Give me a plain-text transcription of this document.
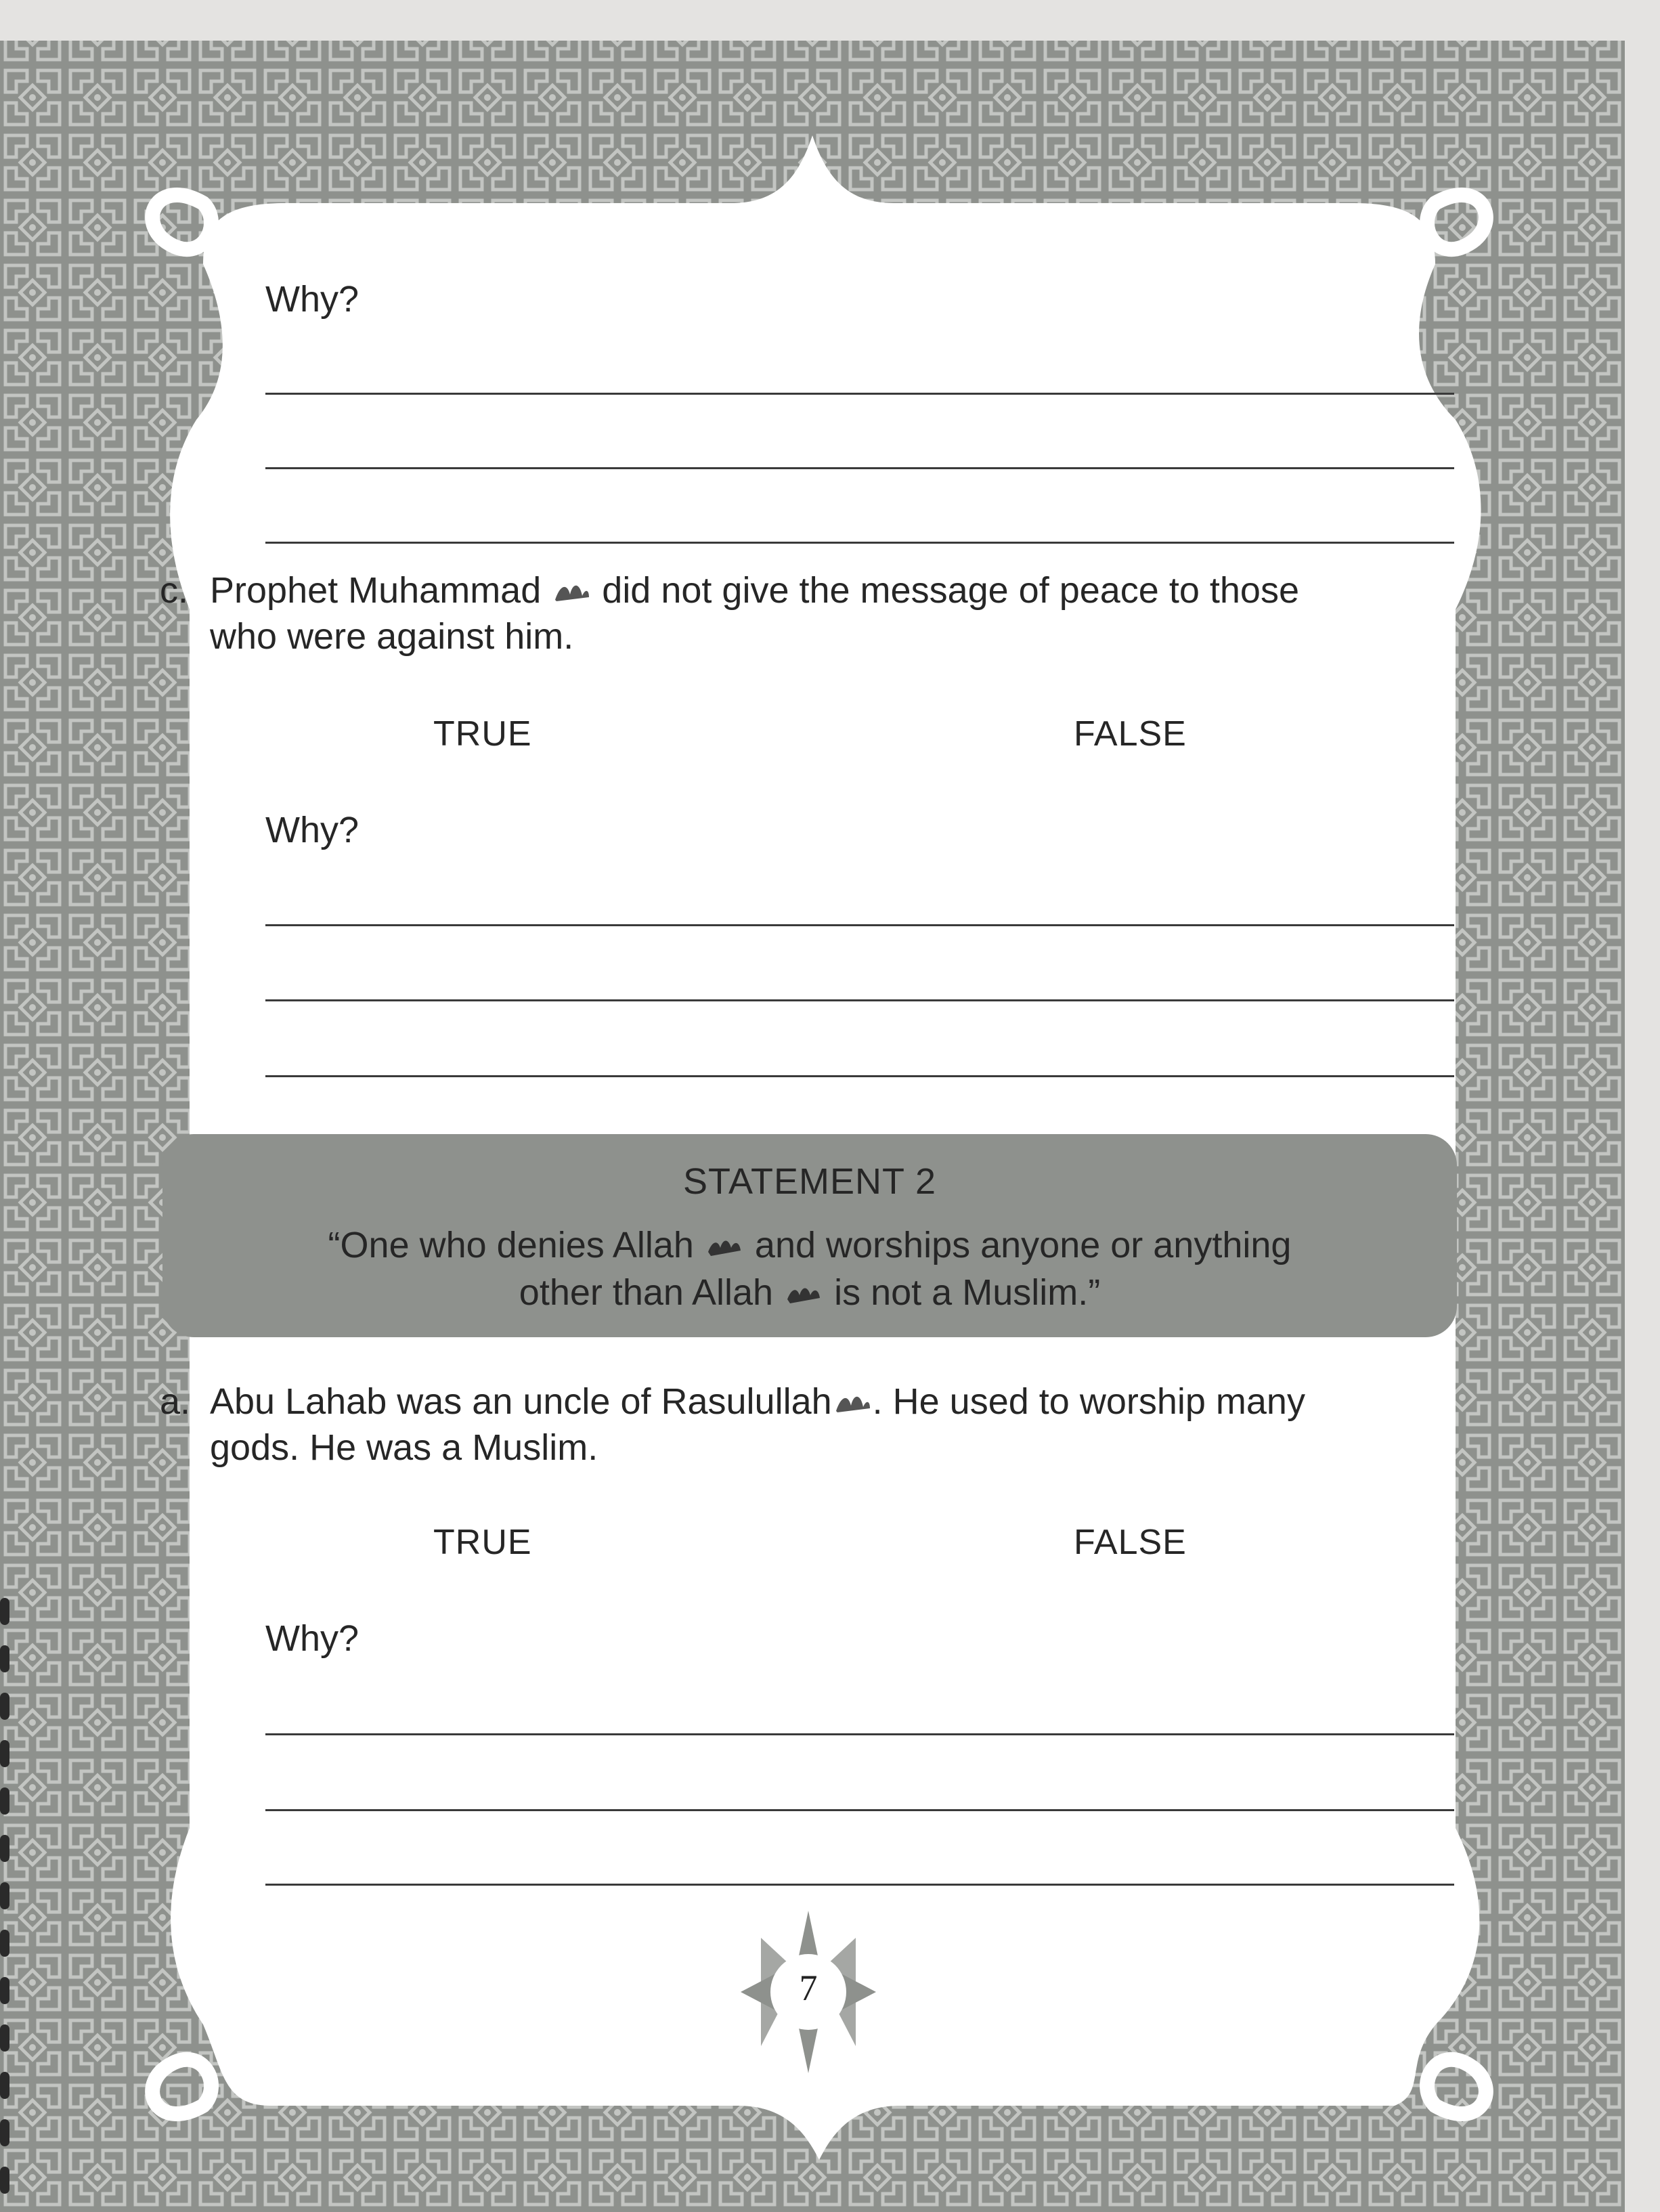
Why?
c. Prophet Muhammad did not give the message of peace to those
who were against him.
TRUE	FALSE
Why?
STATEMENT 2
“One who denies Allah and worships anyone or anything
other than Allah is not a Muslim.”
a. Abu Lahab was an uncle of Rasulullah . He used to worship many
gods. He was a Muslim.
TRUE	FALSE
Why?
7
